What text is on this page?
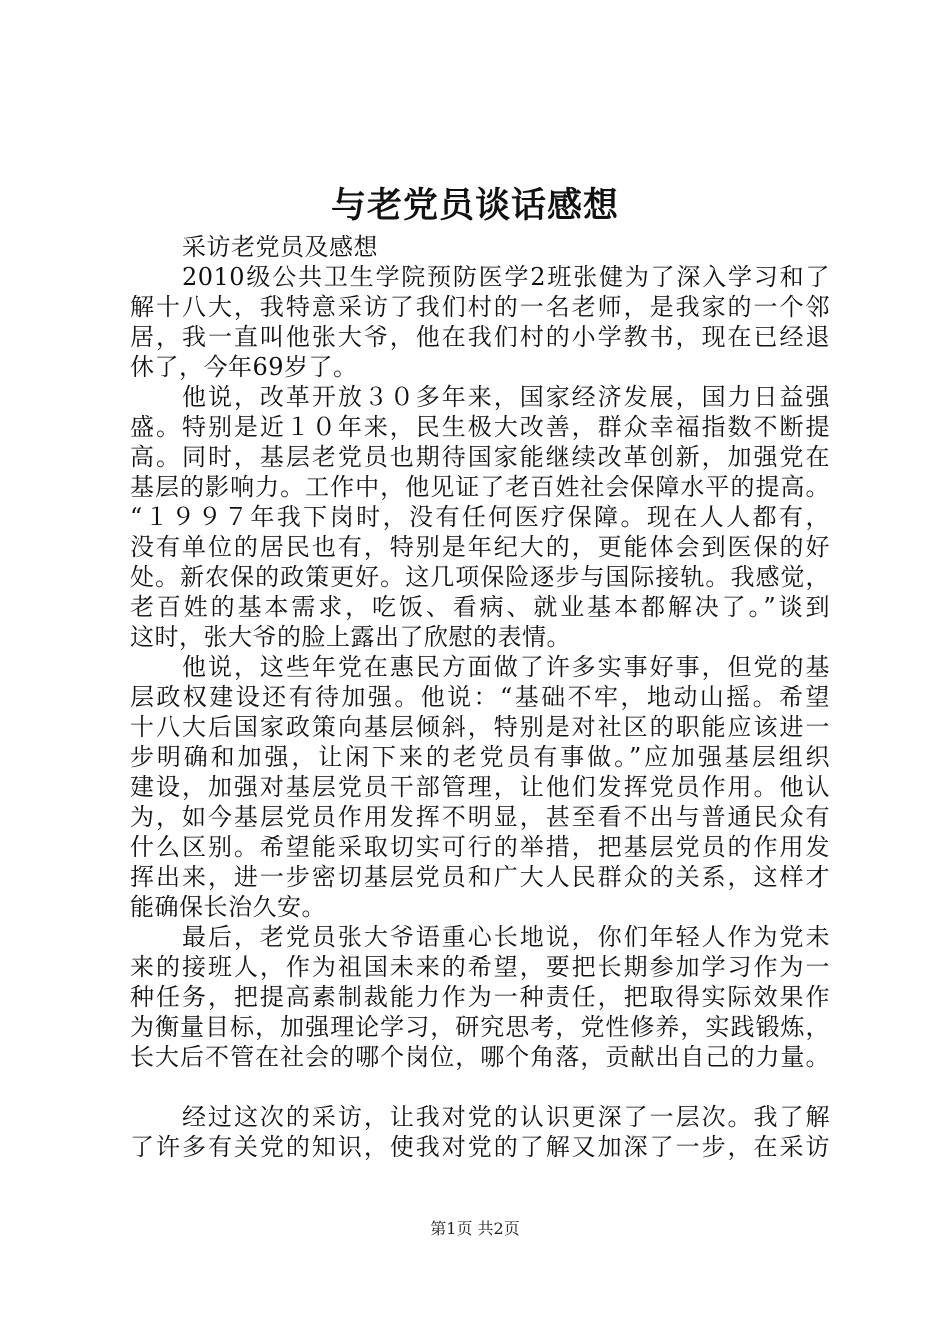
与老党员谈话感想
采访老党员及感想
2010级公共卫生学院预防医学2班张健为了深入学习和了
解十八大，我特意采访了我们村的一名老师，是我家的一个邻
居，我一直叫他张大爷，他在我们村的小学教书，现在已经退
休了，今年69岁了。
他说，改革开放３０多年来，国家经济发展，国力日益强
盛。特别是近１０年来，民生极大改善，群众幸福指数不断提
高。同时，基层老党员也期待国家能继续改革创新，加强党在
基层的影响力。工作中，他见证了老百姓社会保障水平的提高。
“１９９７年我下岗时，没有任何医疗保障。现在人人都有，
没有单位的居民也有，特别是年纪大的，更能体会到医保的好
处。新农保的政策更好。这几项保险逐步与国际接轨。我感觉，
老百姓的基本需求，吃饭、看病、就业基本都解决了。”谈到
这时，张大爷的脸上露出了欣慰的表情。
他说，这些年党在惠民方面做了许多实事好事，但党的基
层政权建设还有待加强。他说：“基础不牢，地动山摇。希望
十八大后国家政策向基层倾斜，特别是对社区的职能应该进一
步明确和加强，让闲下来的老党员有事做。”应加强基层组织
建设，加强对基层党员干部管理，让他们发挥党员作用。他认
为，如今基层党员作用发挥不明显，甚至看不出与普通民众有
什么区别。希望能采取切实可行的举措，把基层党员的作用发
挥出来，进一步密切基层党员和广大人民群众的关系，这样才
能确保长治久安。
最后，老党员张大爷语重心长地说，你们年轻人作为党未
来的接班人，作为祖国未来的希望，要把长期参加学习作为一
种任务，把提高素制裁能力作为一种责任，把取得实际效果作
为衡量目标，加强理论学习，研究思考，党性修养，实践锻炼，
长大后不管在社会的哪个岗位，哪个角落，贡献出自己的力量。
经过这次的采访，让我对党的认识更深了一层次。我了解
了许多有关党的知识，使我对党的了解又加深了一步，在采访
第1页 共2页
